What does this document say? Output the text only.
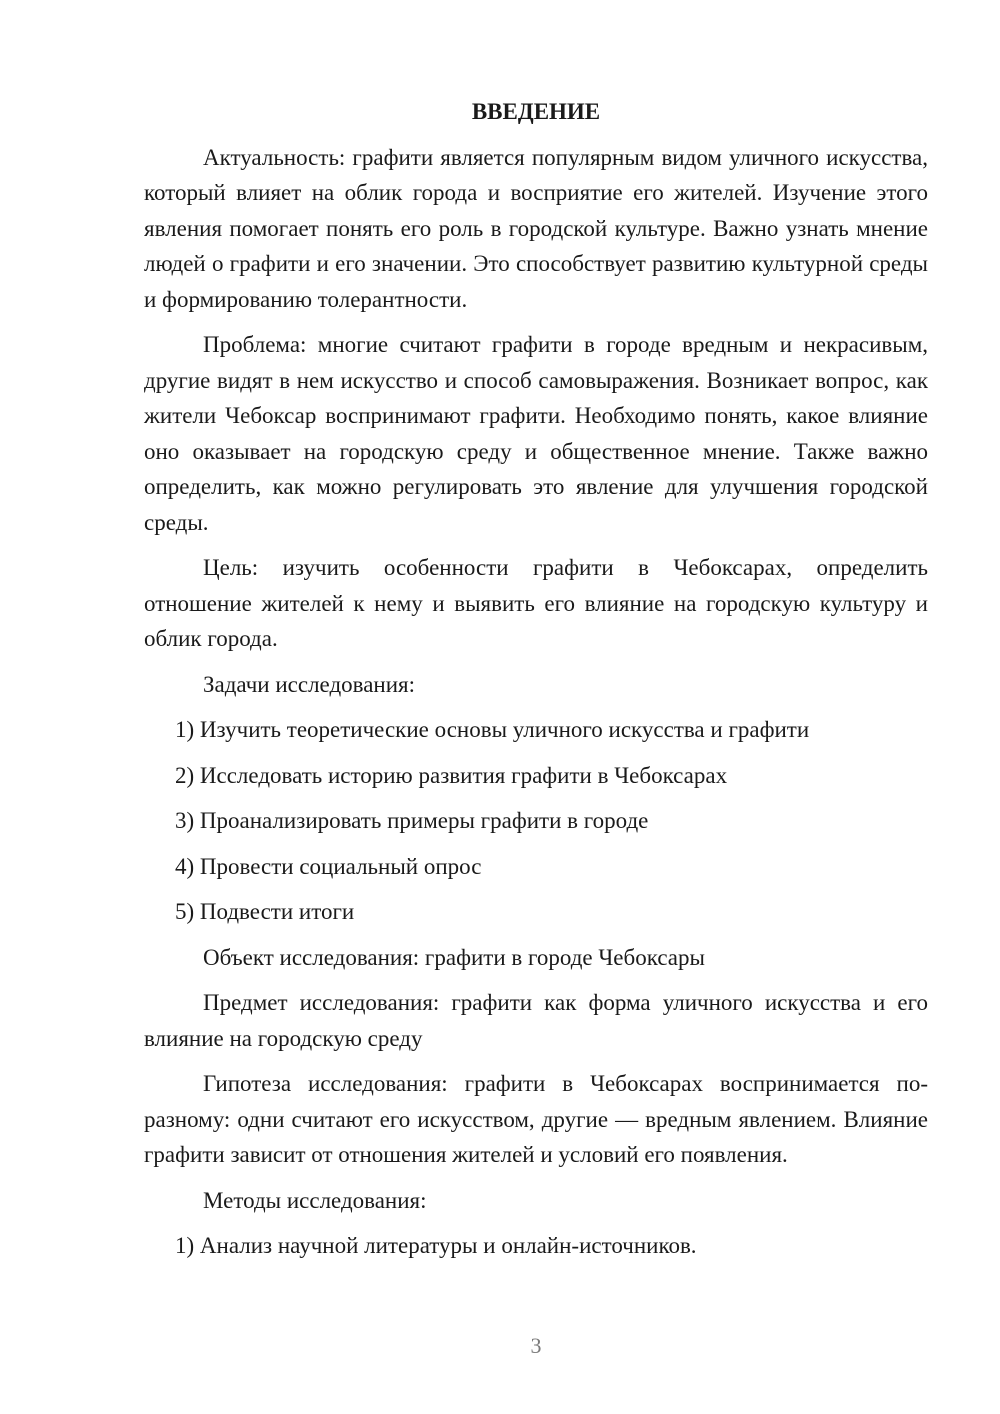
ВВЕДЕНИЕ

Актуальность: графити является популярным видом уличного искусства, который влияет на облик города и восприятие его жителей. Изучение этого явления помогает понять его роль в городской культуре. Важно узнать мнение людей о графити и его значении. Это способствует развитию культурной среды и формированию толерантности.

Проблема: многие считают графити в городе вредным и некрасивым, другие видят в нем искусство и способ самовыражения. Возникает вопрос, как жители Чебоксар воспринимают графити. Необходимо понять, какое влияние оно оказывает на городскую среду и общественное мнение. Также важно определить, как можно регулировать это явление для улучшения городской среды.

Цель: изучить особенности графити в Чебоксарах, определить отношение жителей к нему и выявить его влияние на городскую культуру и облик города.

Задачи исследования:

1) Изучить теоретические основы уличного искусства и графити

2) Исследовать историю развития графити в Чебоксарах

3) Проанализировать примеры графити в городе

4) Провести социальный опрос

5) Подвести итоги

Объект исследования: графити в городе Чебоксары

Предмет исследования: графити как форма уличного искусства и его влияние на городскую среду

Гипотеза исследования: графити в Чебоксарах воспринимается по-разному: одни считают его искусством, другие — вредным явлением. Влияние графити зависит от отношения жителей и условий его появления.

Методы исследования:

1) Анализ научной литературы и онлайн-источников.

3
